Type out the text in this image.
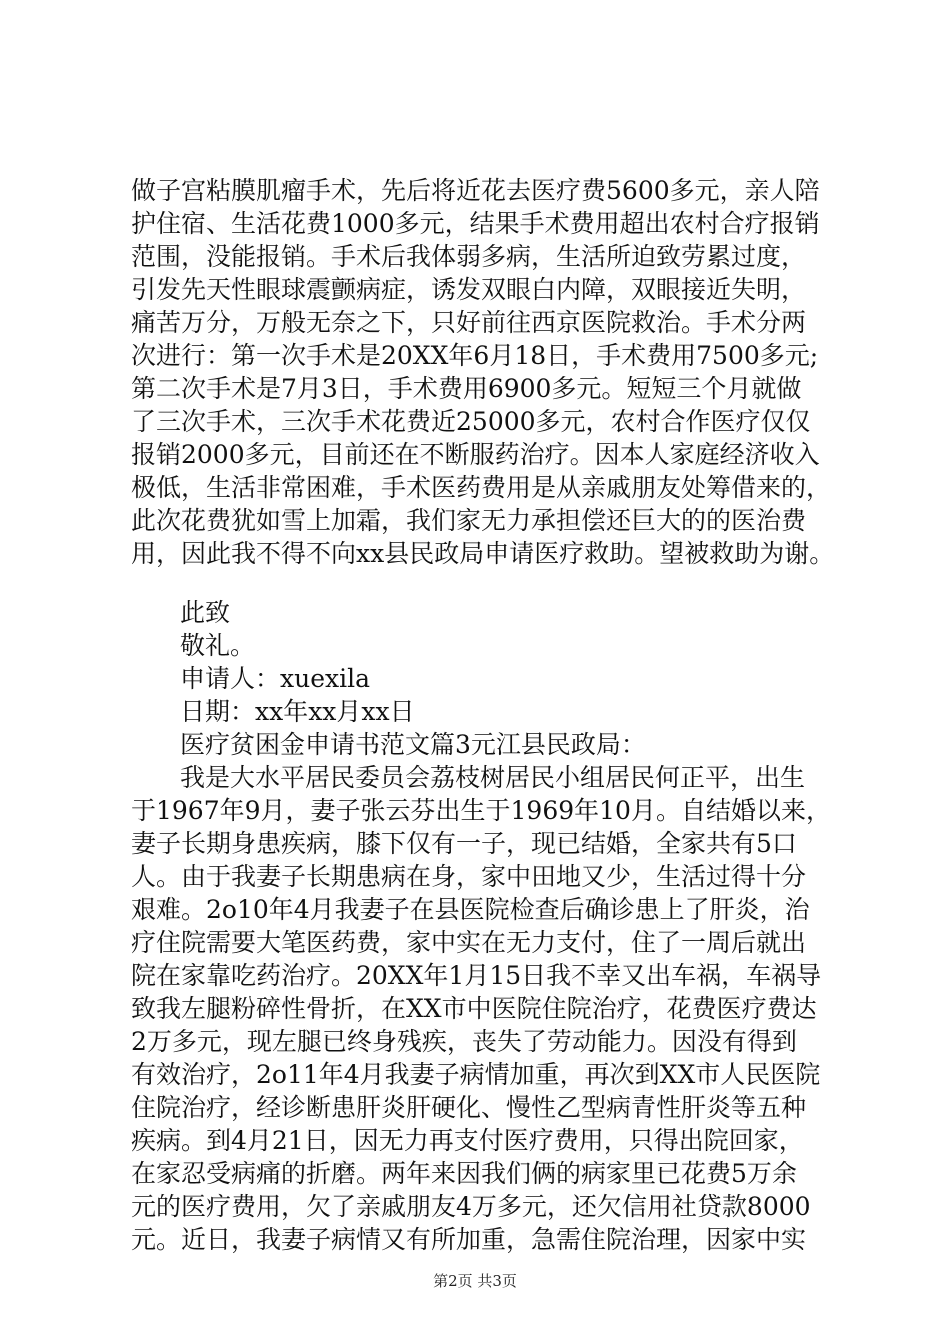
做子宫粘膜肌瘤手术，先后将近花去医疗费5600多元，亲人陪
护住宿、生活花费1000多元，结果手术费用超出农村合疗报销
范围，没能报销。手术后我体弱多病，生活所迫致劳累过度，
引发先天性眼球震颤病症，诱发双眼白内障，双眼接近失明，
痛苦万分，万般无奈之下，只好前往西京医院救治。手术分两
次进行：第一次手术是20XX年6月18日，手术费用7500多元;
第二次手术是7月3日，手术费用6900多元。短短三个月就做
了三次手术，三次手术花费近25000多元，农村合作医疗仅仅
报销2000多元，目前还在不断服药治疗。因本人家庭经济收入
极低，生活非常困难，手术医药费用是从亲戚朋友处筹借来的，
此次花费犹如雪上加霜，我们家无力承担偿还巨大的的医治费
用，因此我不得不向xx县民政局申请医疗救助。望被救助为谢。
此致
敬礼。
申请人：xuexila
日期：xx年xx月xx日
医疗贫困金申请书范文篇3元江县民政局：
我是大水平居民委员会荔枝树居民小组居民何正平，出生
于1967年9月，妻子张云芬出生于1969年10月。自结婚以来，
妻子长期身患疾病，膝下仅有一子，现已结婚，全家共有5口
人。由于我妻子长期患病在身，家中田地又少，生活过得十分
艰难。2o10年4月我妻子在县医院检查后确诊患上了肝炎，治
疗住院需要大笔医药费，家中实在无力支付，住了一周后就出
院在家靠吃药治疗。20XX年1月15日我不幸又出车祸，车祸导
致我左腿粉碎性骨折，在XX市中医院住院治疗，花费医疗费达
2万多元，现左腿已终身残疾，丧失了劳动能力。因没有得到
有效治疗，2o11年4月我妻子病情加重，再次到XX市人民医院
住院治疗，经诊断患肝炎肝硬化、慢性乙型病青性肝炎等五种
疾病。到4月21日，因无力再支付医疗费用，只得出院回家，
在家忍受病痛的折磨。两年来因我们俩的病家里已花费5万余
元的医疗费用，欠了亲戚朋友4万多元，还欠信用社贷款8000
元。近日，我妻子病情又有所加重，急需住院治理，因家中实
第2页 共3页
